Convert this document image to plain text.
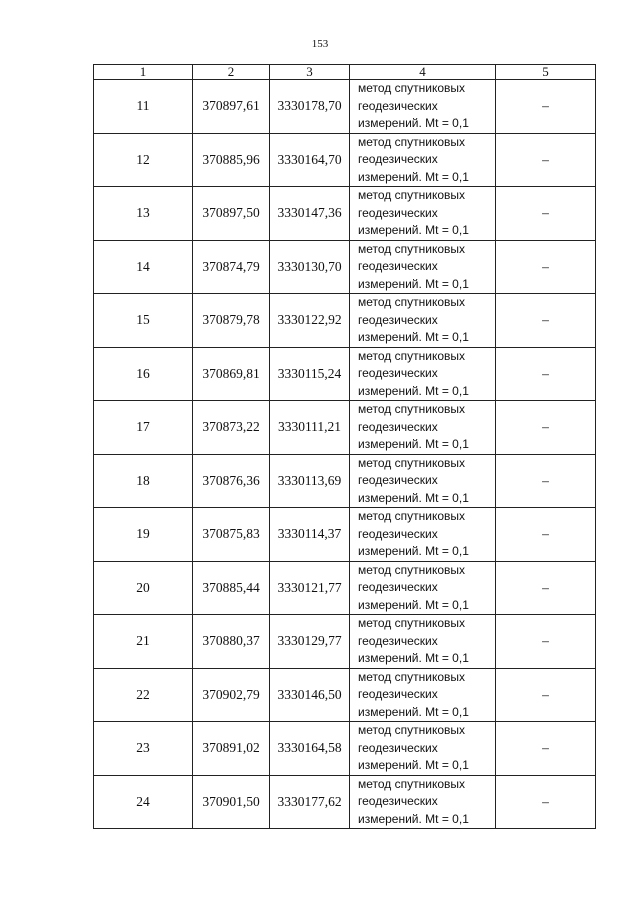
153
1	2	3	4	5
11	370897,61	3330178,70	метод спутниковых
геодезических
измерений. Mt = 0,1	–
12	370885,96	3330164,70	метод спутниковых
геодезических
измерений. Mt = 0,1	–
13	370897,50	3330147,36	метод спутниковых
геодезических
измерений. Mt = 0,1	–
14	370874,79	3330130,70	метод спутниковых
геодезических
измерений. Mt = 0,1	–
15	370879,78	3330122,92	метод спутниковых
геодезических
измерений. Mt = 0,1	–
16	370869,81	3330115,24	метод спутниковых
геодезических
измерений. Mt = 0,1	–
17	370873,22	3330111,21	метод спутниковых
геодезических
измерений. Mt = 0,1	–
18	370876,36	3330113,69	метод спутниковых
геодезических
измерений. Mt = 0,1	–
19	370875,83	3330114,37	метод спутниковых
геодезических
измерений. Mt = 0,1	–
20	370885,44	3330121,77	метод спутниковых
геодезических
измерений. Mt = 0,1	–
21	370880,37	3330129,77	метод спутниковых
геодезических
измерений. Mt = 0,1	–
22	370902,79	3330146,50	метод спутниковых
геодезических
измерений. Mt = 0,1	–
23	370891,02	3330164,58	метод спутниковых
геодезических
измерений. Mt = 0,1	–
24	370901,50	3330177,62	метод спутниковых
геодезических
измерений. Mt = 0,1	–
